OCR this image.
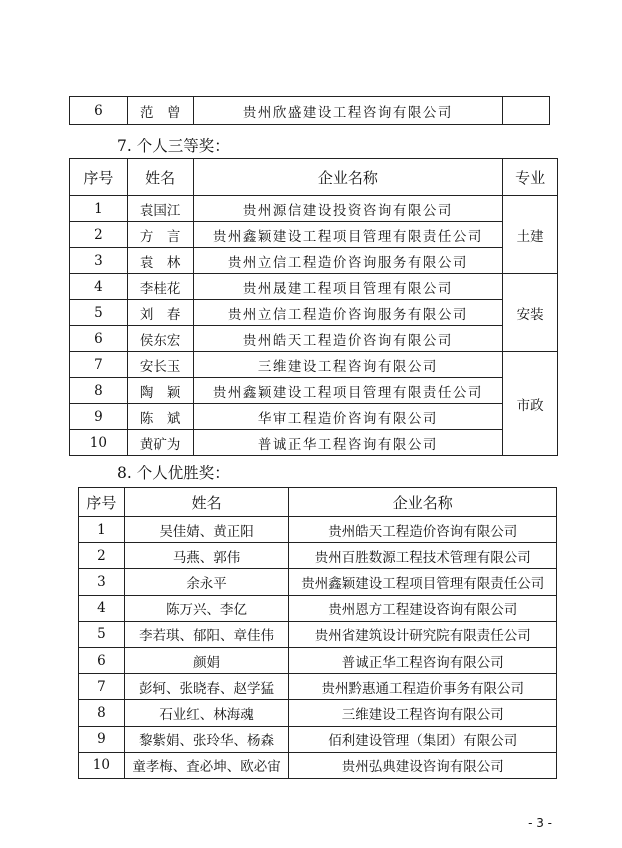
6	范　曾	贵州欣盛建设工程咨询有限公司	
7. 个人三等奖：
序号	姓名	企业名称	专业
1	袁国江	贵州源信建设投资咨询有限公司	土建
2	方　言	贵州鑫颖建设工程项目管理有限责任公司	
3	袁　林	贵州立信工程造价咨询服务有限公司	
4	李桂花	贵州晟建工程项目管理有限公司	安装
5	刘　春	贵州立信工程造价咨询服务有限公司	
6	侯东宏	贵州皓天工程造价咨询有限公司	
7	安长玉	三维建设工程咨询有限公司	市政
8	陶　颖	贵州鑫颖建设工程项目管理有限责任公司	
9	陈　斌	华审工程造价咨询有限公司	
10	黄矿为	普诚正华工程咨询有限公司	
8. 个人优胜奖：
序号	姓名	企业名称
1	吴佳婧、黄正阳	贵州皓天工程造价咨询有限公司
2	马燕、郭伟	贵州百胜数源工程技术管理有限公司
3	余永平	贵州鑫颖建设工程项目管理有限责任公司
4	陈万兴、李亿	贵州恩方工程建设咨询有限公司
5	李若琪、郁阳、章佳伟	贵州省建筑设计研究院有限责任公司
6	颜娟	普诚正华工程咨询有限公司
7	彭轲、张晓春、赵学猛	贵州黔惠通工程造价事务有限公司
8	石业红、林海魂	三维建设工程咨询有限公司
9	黎紫娟、张玲华、杨森	佰利建设管理（集团）有限公司
10	童孝梅、査必坤、欧必宙	贵州弘典建设咨询有限公司
- 3 -
